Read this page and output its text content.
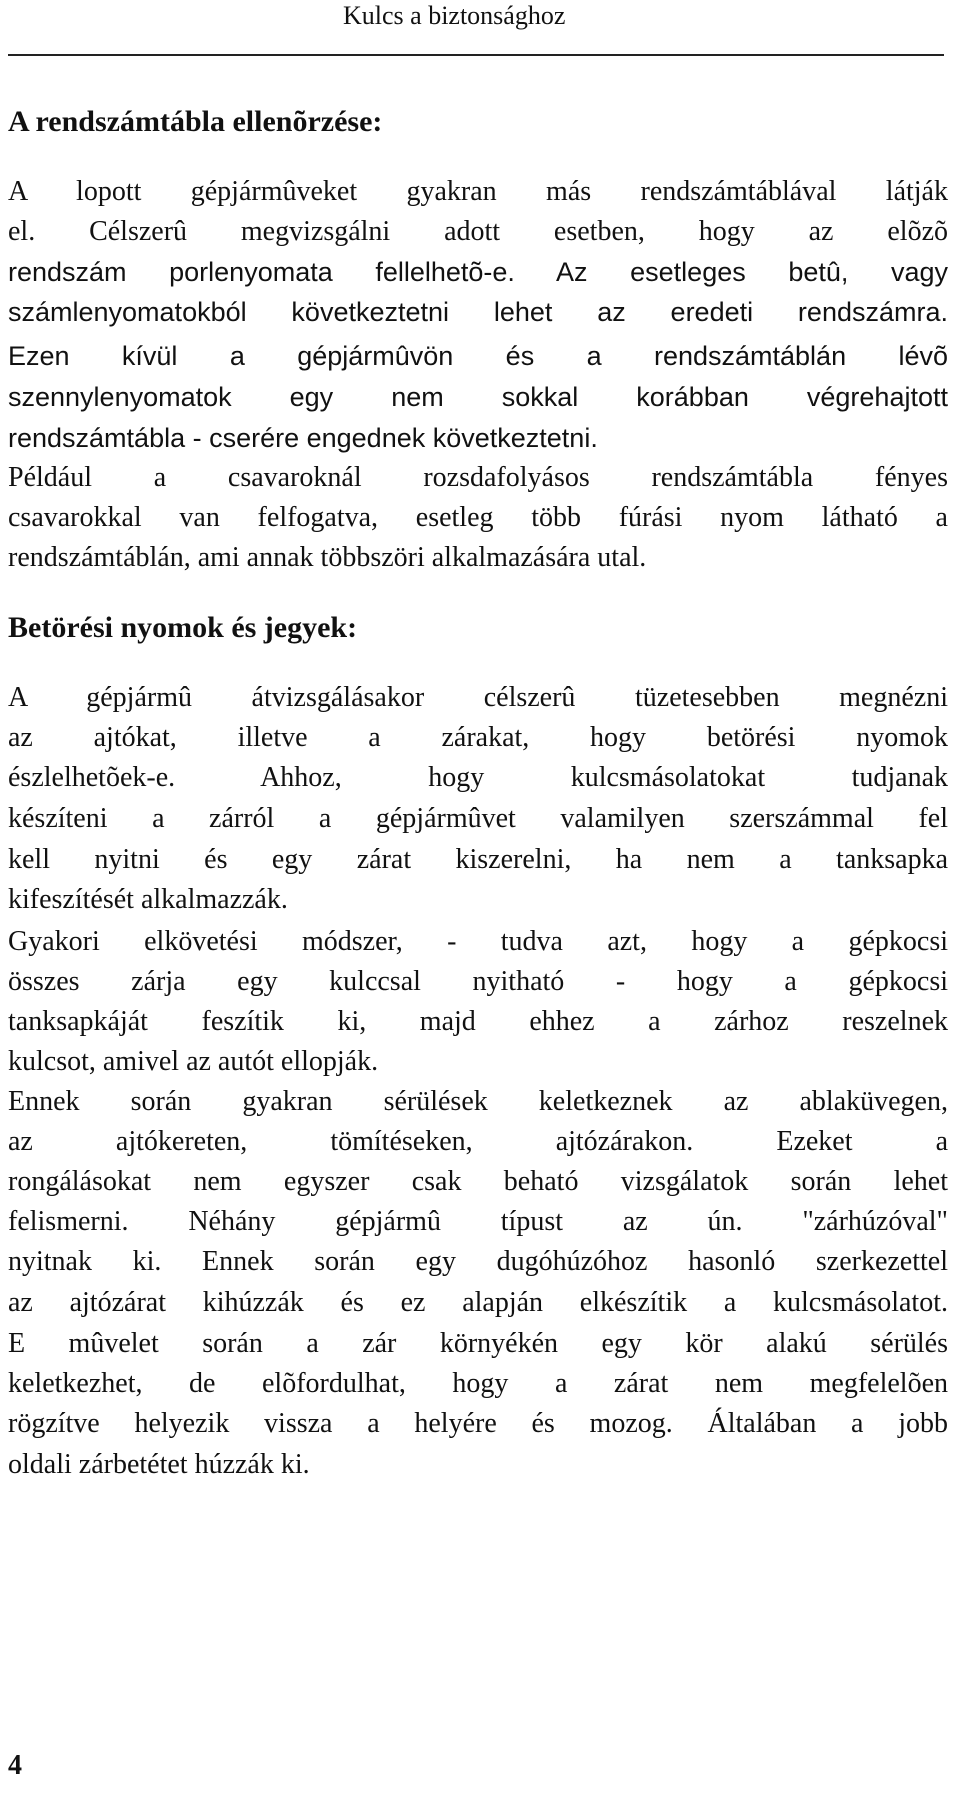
Kulcs a biztonsághoz
A rendszámtábla ellenõrzése:
A lopott gépjármûveket gyakran más rendszámtáblával látják
el. Célszerû megvizsgálni adott esetben, hogy az elõzõ
rendszám porlenyomata fellelhetõ-e. Az esetleges betû, vagy
számlenyomatokból következtetni lehet az eredeti rendszámra.
Ezen kívül a gépjármûvön és a rendszámtáblán lévõ
szennylenyomatok egy nem sokkal korábban végrehajtott
rendszámtábla - cserére engednek következtetni.
Például a csavaroknál rozsdafolyásos rendszámtábla fényes
csavarokkal van felfogatva, esetleg több fúrási nyom látható a
rendszámtáblán, ami annak többszöri alkalmazására utal.
Betörési nyomok és jegyek:
A gépjármû átvizsgálásakor célszerû tüzetesebben megnézni
az ajtókat, illetve a zárakat, hogy betörési nyomok
észlelhetõek-e. Ahhoz, hogy kulcsmásolatokat tudjanak
készíteni a zárról a gépjármûvet valamilyen szerszámmal fel
kell nyitni és egy zárat kiszerelni, ha nem a tanksapka
kifeszítését alkalmazzák.
Gyakori elkövetési módszer, - tudva azt, hogy a gépkocsi
összes zárja egy kulccsal nyitható - hogy a gépkocsi
tanksapkáját feszítik ki, majd ehhez a zárhoz reszelnek
kulcsot, amivel az autót ellopják.
Ennek során gyakran sérülések keletkeznek az ablaküvegen,
az ajtókereten, tömítéseken, ajtózárakon. Ezeket a
rongálásokat nem egyszer csak beható vizsgálatok során lehet
felismerni. Néhány gépjármû típust az ún. "zárhúzóval"
nyitnak ki. Ennek során egy dugóhúzóhoz hasonló szerkezettel
az ajtózárat kihúzzák és ez alapján elkészítik a kulcsmásolatot.
E mûvelet során a zár környékén egy kör alakú sérülés
keletkezhet, de elõfordulhat, hogy a zárat nem megfelelõen
rögzítve helyezik vissza a helyére és mozog. Általában a jobb
oldali zárbetétet húzzák ki.
4
